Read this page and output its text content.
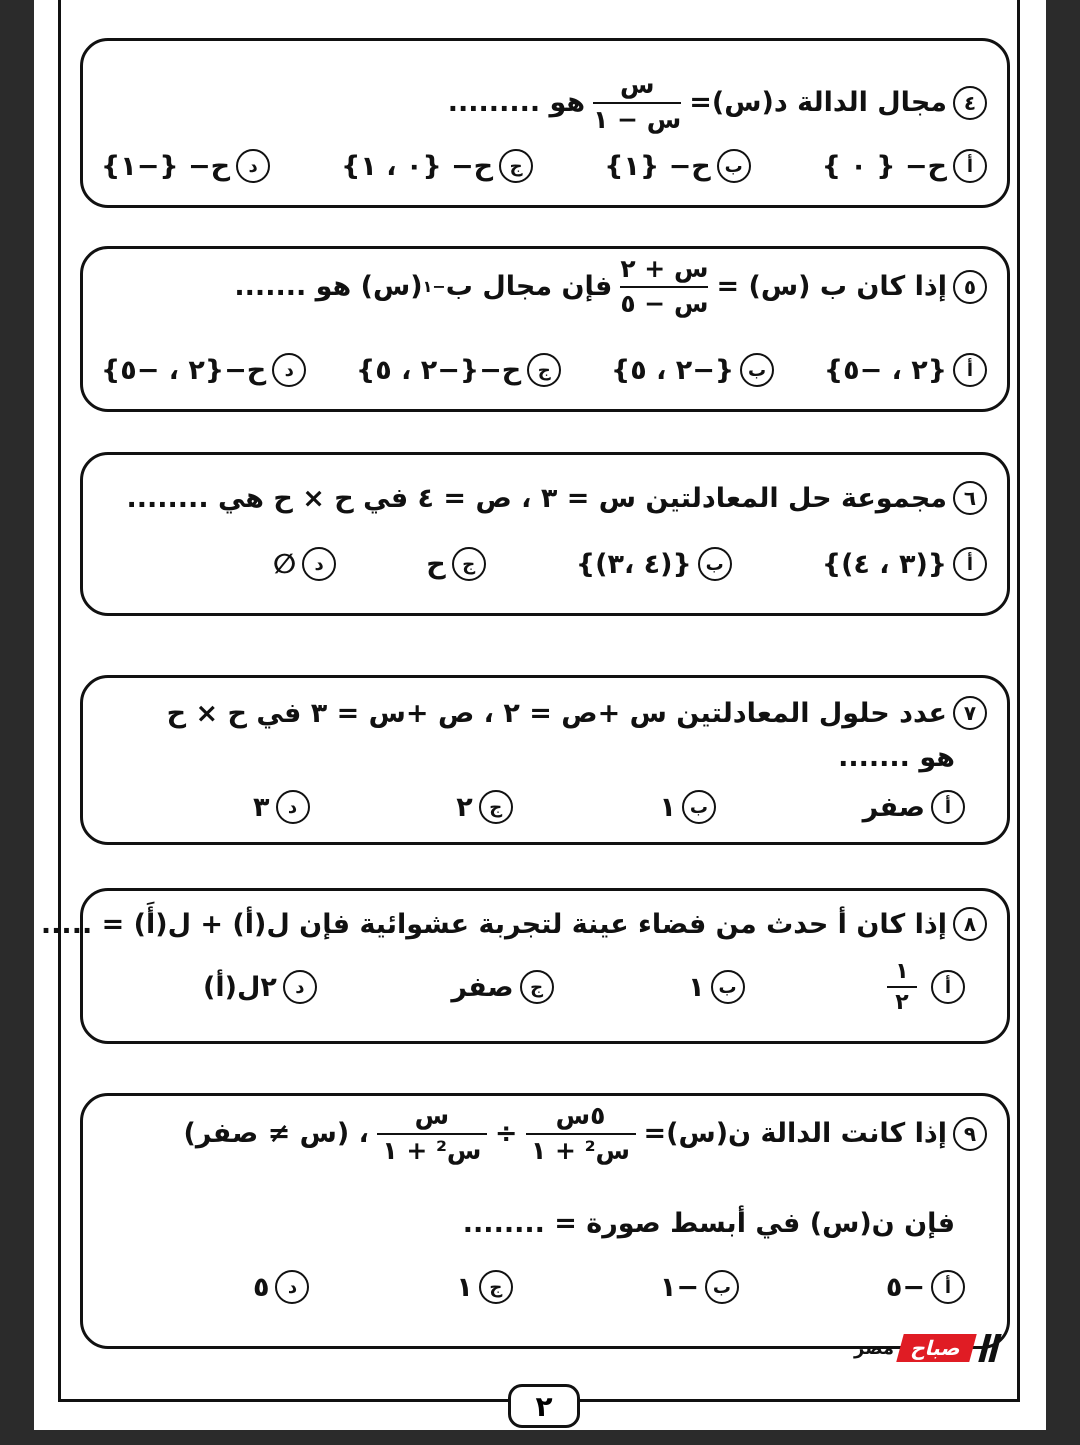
٤
مجال الدالة د(س)=
$\frac{\text{س}}{\text{س − ١}}$
هو .........
ﺃ
ح− { ٠ }
ب
ح− {١}
ج
ح− {٠ ، ١}
د
ح− {−١}
٥
إذا كان ب (س) =
$\frac{\text{س + ٢}}{\text{س − ٥}}$
فإن مجال ب
−١
(س) هو .......
ﺃ
{٢ ، −٥}
ب
{−٢ ، ٥}
ج
ح−{−٢ ، ٥}
د
ح−{٢ ، −٥}
٦
مجموعة حل المعادلتين س = ٣ ، ص = ٤ في ح × ح هي ........
ﺃ
{(٣ ، ٤)}
ب
{(٤ ،٣)}
ج
ح
د
∅
٧
عدد حلول المعادلتين س +ص = ٢ ، ص +س = ٣ في ح × ح
هو .......
ﺃ
صفر
ب
١
ج
٢
د
٣
٨
إذا كان ﺃ حدث من فضاء عينة لتجربة عشوائية فإن ل(ﺃ) + ل(ﺃَ) = .....
ﺃ
$\frac{١}{٢}$
ب
١
ج
صفر
د
٢ل(ﺃ)
٩
إذا كانت الدالة ن(س)=
$\frac{\text{٥س}}{\text{س² + ١}}$
÷
$\frac{\text{س}}{\text{س² + ١}}$
، (س ≠ صفر)
فإن ن(س) في أبسط صورة = ........
ﺃ
−٥
ب
−١
ج
١
د
٥
صباح
مصر
٢
